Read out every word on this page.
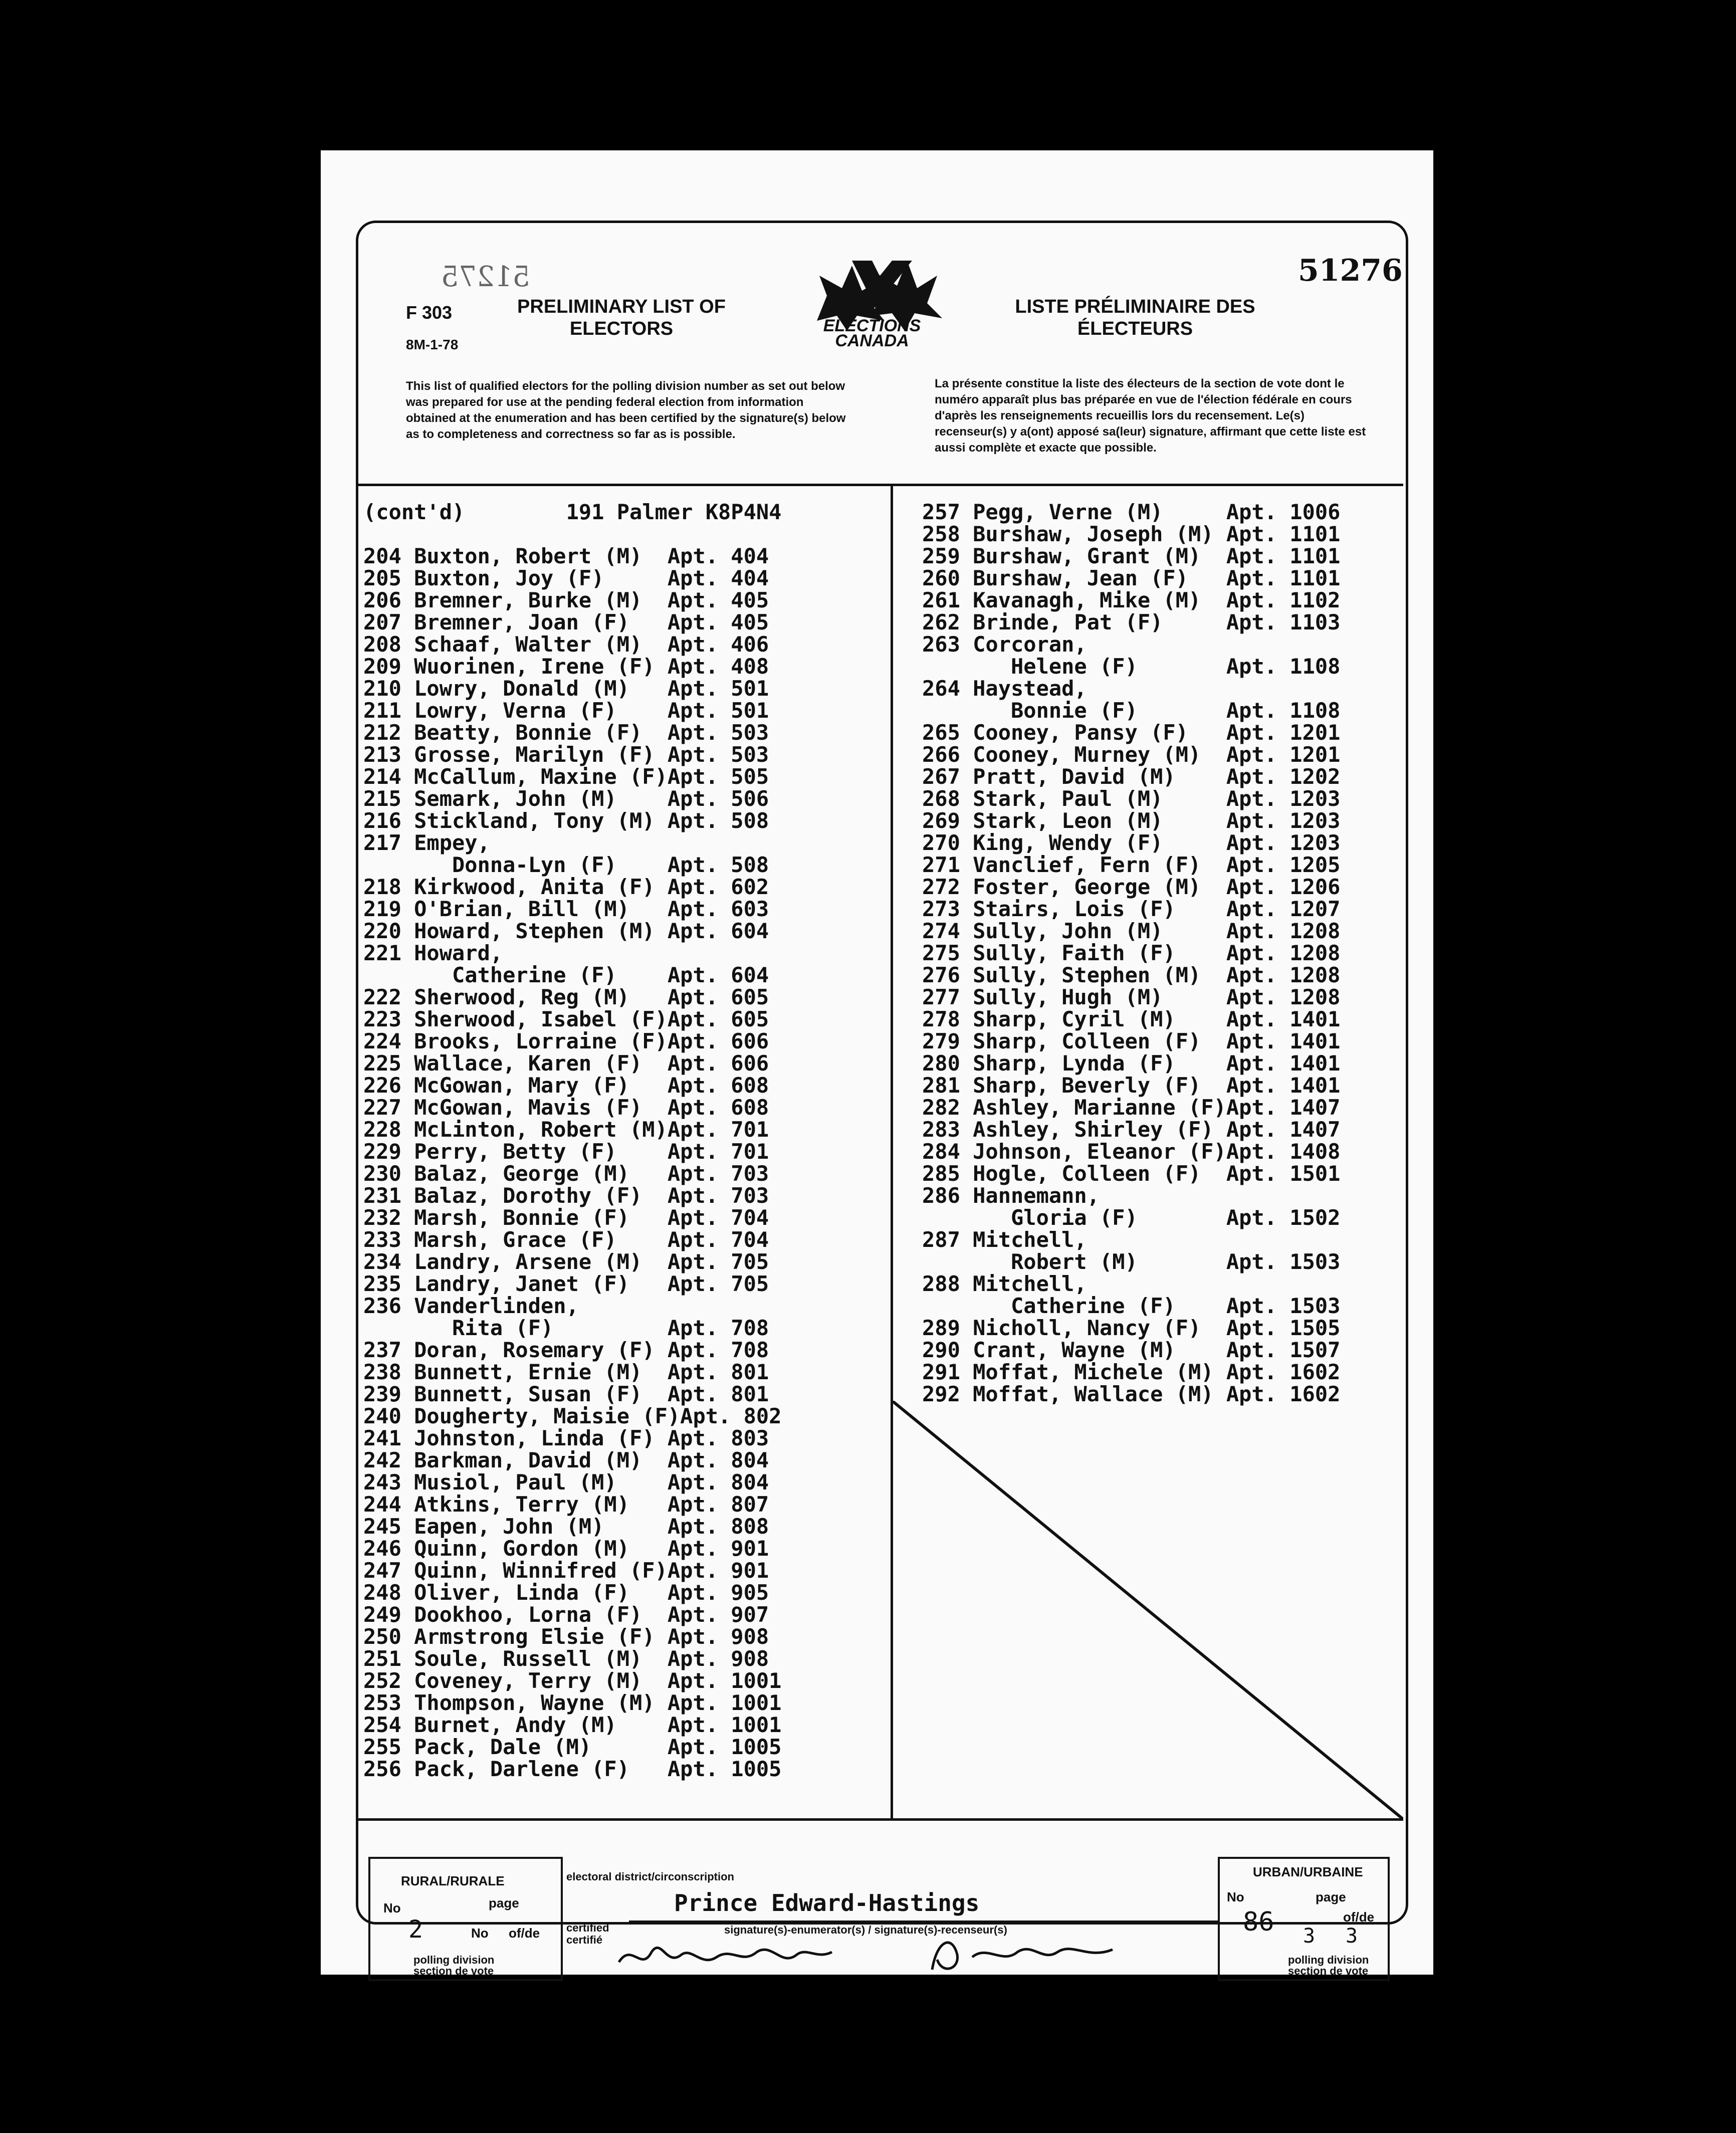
51275	51276
F 303
8M-1-78
PRELIMINARY LIST OF ELECTORS
LISTE PRÉLIMINAIRE DES ÉLECTEURS
ELECTIONS CANADA
This list of qualified electors for the polling division number as set out below was prepared for use at the pending federal election from information obtained at the enumeration and has been certified by the signature(s) below as to completeness and correctness so far as is possible.
La présente constitue la liste des électeurs de la section de vote dont le numéro apparaît plus bas préparée en vue de l'élection fédérale en cours d'après les renseignements recueillis lors du recensement. Le(s) recenseur(s) y a(ont) apposé sa(leur) signature, affirmant que cette liste est aussi complète et exacte que possible.
(cont'd)        191 Palmer K8P4N4
204 Buxton, Robert (M)  Apt. 404
205 Buxton, Joy (F)     Apt. 404
206 Bremner, Burke (M)  Apt. 405
207 Bremner, Joan (F)   Apt. 405
208 Schaaf, Walter (M)  Apt. 406
209 Wuorinen, Irene (F) Apt. 408
210 Lowry, Donald (M)   Apt. 501
211 Lowry, Verna (F)    Apt. 501
212 Beatty, Bonnie (F)  Apt. 503
213 Grosse, Marilyn (F) Apt. 503
214 McCallum, Maxine (F)Apt. 505
215 Semark, John (M)    Apt. 506
216 Stickland, Tony (M) Apt. 508
217 Empey,
Donna-Lyn (F)    Apt. 508
218 Kirkwood, Anita (F) Apt. 602
219 O'Brian, Bill (M)   Apt. 603
220 Howard, Stephen (M) Apt. 604
221 Howard,
Catherine (F)    Apt. 604
222 Sherwood, Reg (M)   Apt. 605
223 Sherwood, Isabel (F)Apt. 605
224 Brooks, Lorraine (F)Apt. 606
225 Wallace, Karen (F)  Apt. 606
226 McGowan, Mary (F)   Apt. 608
227 McGowan, Mavis (F)  Apt. 608
228 McLinton, Robert (M)Apt. 701
229 Perry, Betty (F)    Apt. 701
230 Balaz, George (M)   Apt. 703
231 Balaz, Dorothy (F)  Apt. 703
232 Marsh, Bonnie (F)   Apt. 704
233 Marsh, Grace (F)    Apt. 704
234 Landry, Arsene (M)  Apt. 705
235 Landry, Janet (F)   Apt. 705
236 Vanderlinden,
Rita (F)         Apt. 708
237 Doran, Rosemary (F) Apt. 708
238 Bunnett, Ernie (M)  Apt. 801
239 Bunnett, Susan (F)  Apt. 801
240 Dougherty, Maisie (F)Apt. 802
241 Johnston, Linda (F) Apt. 803
242 Barkman, David (M)  Apt. 804
243 Musiol, Paul (M)    Apt. 804
244 Atkins, Terry (M)   Apt. 807
245 Eapen, John (M)     Apt. 808
246 Quinn, Gordon (M)   Apt. 901
247 Quinn, Winnifred (F)Apt. 901
248 Oliver, Linda (F)   Apt. 905
249 Dookhoo, Lorna (F)  Apt. 907
250 Armstrong Elsie (F) Apt. 908
251 Soule, Russell (M)  Apt. 908
252 Coveney, Terry (M)  Apt. 1001
253 Thompson, Wayne (M) Apt. 1001
254 Burnet, Andy (M)    Apt. 1001
255 Pack, Dale (M)      Apt. 1005
256 Pack, Darlene (F)   Apt. 1005
257 Pegg, Verne (M)     Apt. 1006
258 Burshaw, Joseph (M) Apt. 1101
259 Burshaw, Grant (M)  Apt. 1101
260 Burshaw, Jean (F)   Apt. 1101
261 Kavanagh, Mike (M)  Apt. 1102
262 Brinde, Pat (F)     Apt. 1103
263 Corcoran,
Helene (F)       Apt. 1108
264 Haystead,
Bonnie (F)       Apt. 1108
265 Cooney, Pansy (F)   Apt. 1201
266 Cooney, Murney (M)  Apt. 1201
267 Pratt, David (M)    Apt. 1202
268 Stark, Paul (M)     Apt. 1203
269 Stark, Leon (M)     Apt. 1203
270 King, Wendy (F)     Apt. 1203
271 Vanclief, Fern (F)  Apt. 1205
272 Foster, George (M)  Apt. 1206
273 Stairs, Lois (F)    Apt. 1207
274 Sully, John (M)     Apt. 1208
275 Sully, Faith (F)    Apt. 1208
276 Sully, Stephen (M)  Apt. 1208
277 Sully, Hugh (M)     Apt. 1208
278 Sharp, Cyril (M)    Apt. 1401
279 Sharp, Colleen (F)  Apt. 1401
280 Sharp, Lynda (F)    Apt. 1401
281 Sharp, Beverly (F)  Apt. 1401
282 Ashley, Marianne (F)Apt. 1407
283 Ashley, Shirley (F) Apt. 1407
284 Johnson, Eleanor (F)Apt. 1408
285 Hogle, Colleen (F)  Apt. 1501
286 Hannemann,
Gloria (F)       Apt. 1502
287 Mitchell,
Robert (M)       Apt. 1503
288 Mitchell,
Catherine (F)    Apt. 1503
289 Nicholl, Nancy (F)  Apt. 1505
290 Crant, Wayne (M)    Apt. 1507
291 Moffat, Michele (M) Apt. 1602
292 Moffat, Wallace (M) Apt. 1602
RURAL/RURALE
No	page
2	No of/de
polling division
section de vote
electoral district/circonscription
Prince Edward-Hastings
certified
certifié
signature(s)-enumerator(s) / signature(s)-recenseur(s)
URBAN/URBAINE
No	page
86	of/de
3 3
polling division
section de vote
